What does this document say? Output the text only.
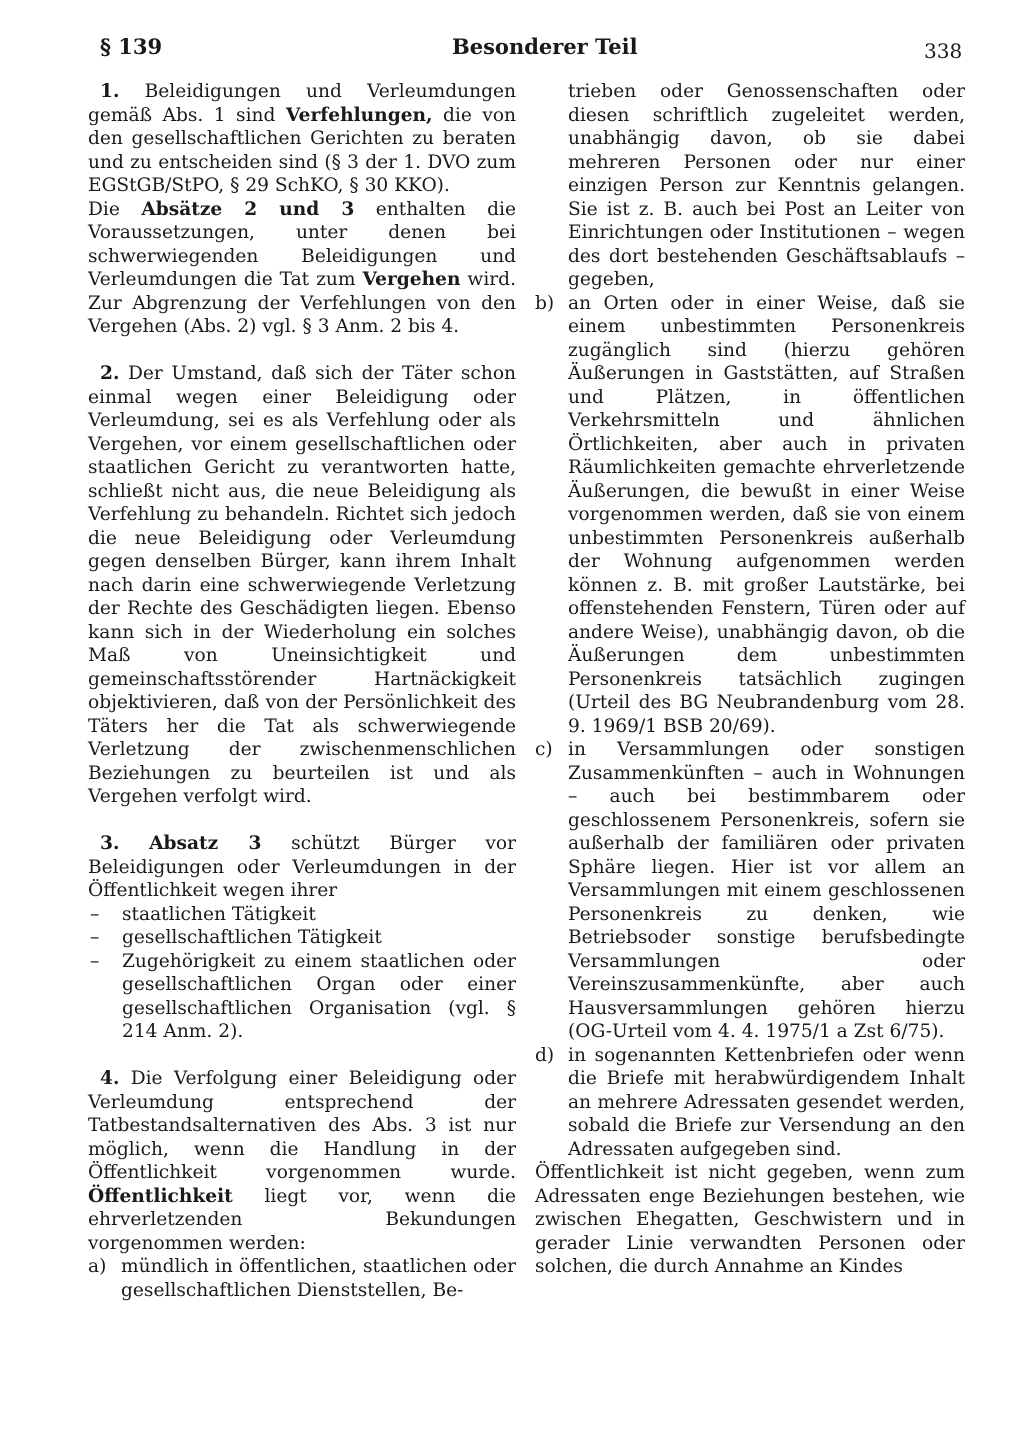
§ 139	Besonderer Teil	338

1. Beleidigungen und Verleumdungen gemäß Abs. 1 sind Verfehlungen, die von den gesellschaftlichen Gerichten zu beraten und zu entscheiden sind (§ 3 der 1. DVO zum EGStGB/StPO, § 29 SchKO, § 30 KKO).

Die Absätze 2 und 3 enthalten die Voraussetzungen, unter denen bei schwerwiegenden Beleidigungen und Verleumdungen die Tat zum Vergehen wird. Zur Abgrenzung der Verfehlungen von den Vergehen (Abs. 2) vgl. § 3 Anm. 2 bis 4.

2. Der Umstand, daß sich der Täter schon einmal wegen einer Beleidigung oder Verleumdung, sei es als Verfehlung oder als Vergehen, vor einem gesellschaftlichen oder staatlichen Gericht zu verantworten hatte, schließt nicht aus, die neue Beleidigung als Verfehlung zu behandeln. Richtet sich jedoch die neue Beleidigung oder Verleumdung gegen denselben Bürger, kann ihrem Inhalt nach darin eine schwerwiegende Verletzung der Rechte des Geschädigten liegen. Ebenso kann sich in der Wiederholung ein solches Maß von Uneinsichtigkeit und gemeinschaftsstörender Hartnäckigkeit objektivieren, daß von der Persönlichkeit des Täters her die Tat als schwerwiegende Verletzung der zwischenmenschlichen Beziehungen zu beurteilen ist und als Vergehen verfolgt wird.

3. Absatz 3 schützt Bürger vor Beleidigungen oder Verleumdungen in der Öffentlichkeit wegen ihrer

–	staatlichen Tätigkeit
–	gesellschaftlichen Tätigkeit
–	Zugehörigkeit zu einem staatlichen oder gesellschaftlichen Organ oder einer gesellschaftlichen Organisation (vgl. § 214 Anm. 2).

4. Die Verfolgung einer Beleidigung oder Verleumdung entsprechend der Tatbestandsalternativen des Abs. 3 ist nur möglich, wenn die Handlung in der Öffentlichkeit vorgenommen wurde. Öffentlichkeit liegt vor, wenn die ehrverletzenden Bekundungen vorgenommen werden:

a) mündlich in öffentlichen, staatlichen oder gesellschaftlichen Dienststellen, Be-

trieben oder Genossenschaften oder diesen schriftlich zugeleitet werden, unabhängig davon, ob sie dabei mehreren Personen oder nur einer einzigen Person zur Kenntnis gelangen. Sie ist z. B. auch bei Post an Leiter von Einrichtungen oder Institutionen – wegen des dort bestehenden Geschäftsablaufs – gegeben,

b) an Orten oder in einer Weise, daß sie einem unbestimmten Personenkreis zugänglich sind (hierzu gehören Äußerungen in Gaststätten, auf Straßen und Plätzen, in öffentlichen Verkehrsmitteln und ähnlichen Örtlichkeiten, aber auch in privaten Räumlichkeiten gemachte ehrverletzende Äußerungen, die bewußt in einer Weise vorgenommen werden, daß sie von einem unbestimmten Personenkreis außerhalb der Wohnung aufgenommen werden können z. B. mit großer Lautstärke, bei offenstehenden Fenstern, Türen oder auf andere Weise), unabhängig davon, ob die Äußerungen dem unbestimmten Personenkreis tatsächlich zugingen (Urteil des BG Neubrandenburg vom 28. 9. 1969/1 BSB 20/69).
c) in Versammlungen oder sonstigen Zusammenkünften – auch in Wohnungen – auch bei bestimmbarem oder geschlossenem Personenkreis, sofern sie außerhalb der familiären oder privaten Sphäre liegen. Hier ist vor allem an Versammlungen mit einem geschlossenen Personenkreis zu denken, wie Betriebsoder sonstige berufsbedingte Versammlungen oder Vereinszusammenkünfte, aber auch Hausversammlungen gehören hierzu (OG-Urteil vom 4. 4. 1975/1 a Zst 6/75).
d) in sogenannten Kettenbriefen oder wenn die Briefe mit herabwürdigendem Inhalt an mehrere Adressaten gesendet werden, sobald die Briefe zur Versendung an den Adressaten aufgegeben sind.

Öffentlichkeit ist nicht gegeben, wenn zum Adressaten enge Beziehungen bestehen, wie zwischen Ehegatten, Geschwistern und in gerader Linie verwandten Personen oder solchen, die durch Annahme an Kindes
